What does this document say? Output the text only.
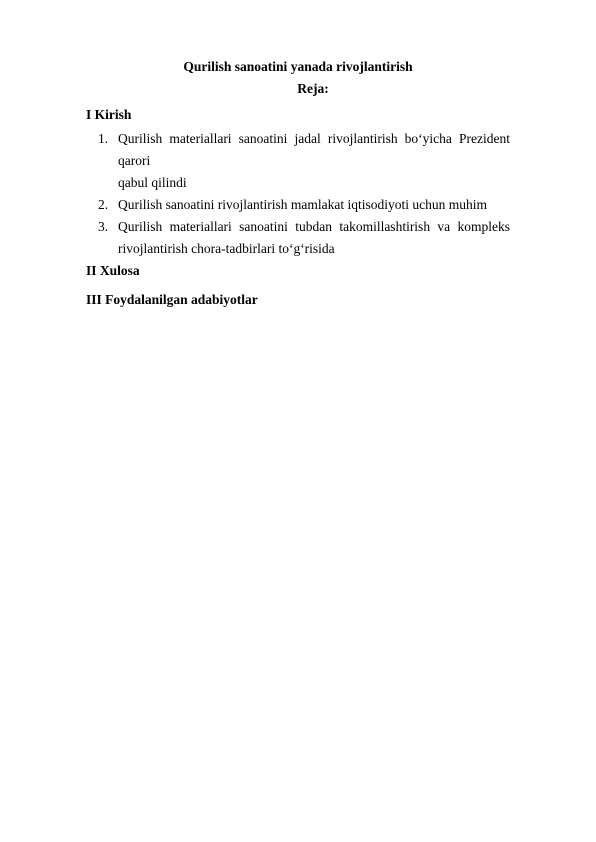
Qurilish sanoatini yanada rivojlantirish
Reja:
I Kirish
1. Qurilish materiallari sanoatini jadal rivojlantirish bo‘yicha Prezident qarori
qabul qilindi
2. Qurilish sanoatini rivojlantirish mamlakat iqtisodiyoti uchun muhim
3. Qurilish materiallari sanoatini tubdan takomillashtirish va kompleks
rivojlantirish chora-tadbirlari to‘g‘risida
II Xulosa
III Foydalanilgan adabiyotlar
